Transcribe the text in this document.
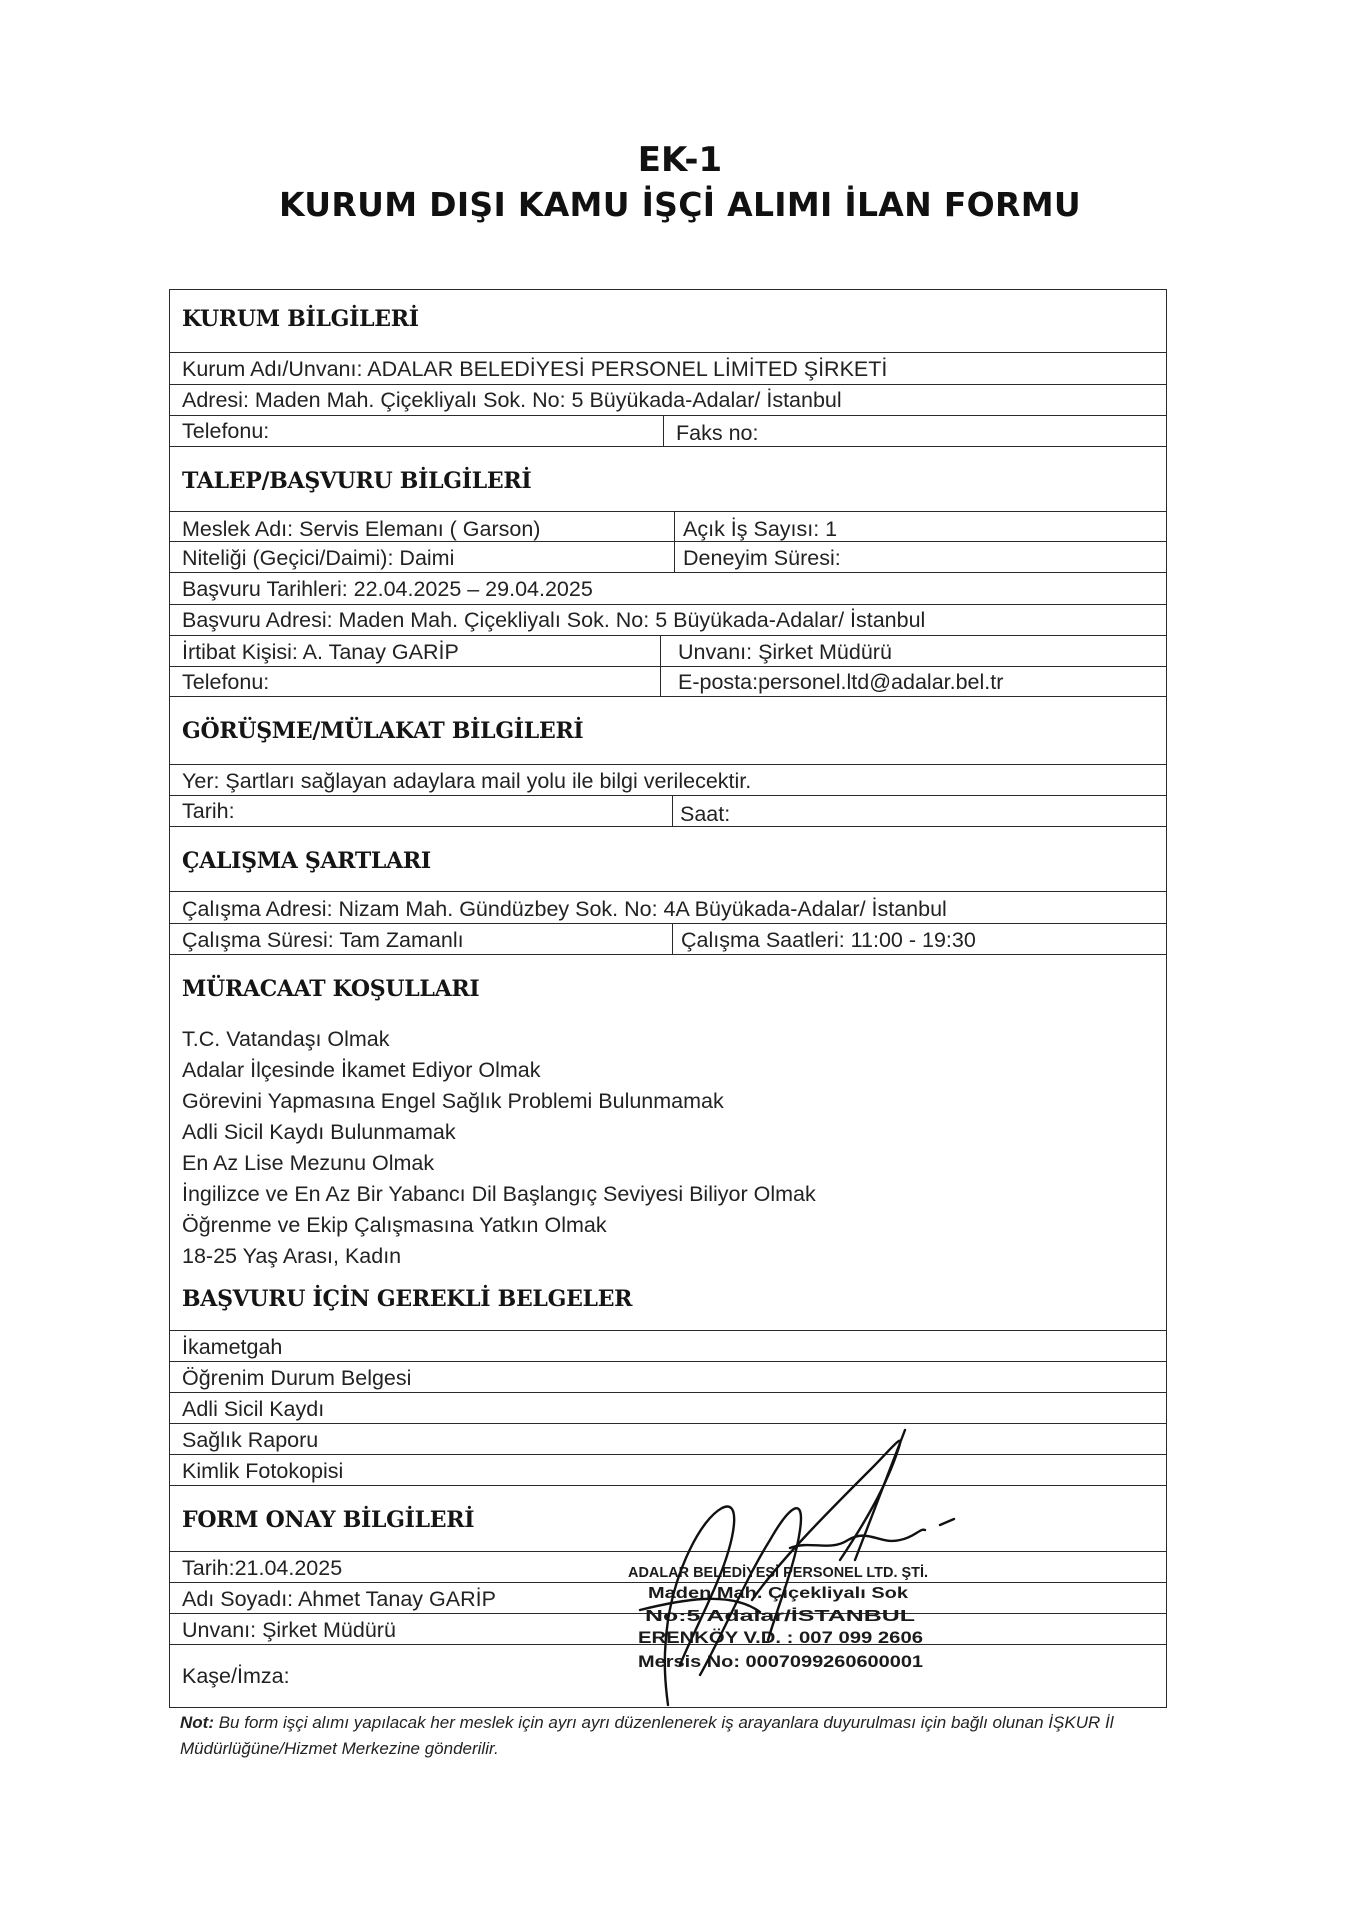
EK-1
KURUM DIŞI KAMU İŞÇİ ALIMI İLAN FORMU
KURUM BİLGİLERİ
Kurum Adı/Unvanı: ADALAR BELEDİYESİ PERSONEL LİMİTED ŞİRKETİ
Adresi: Maden Mah. Çiçekliyalı Sok. No: 5 Büyükada-Adalar/ İstanbul
Telefonu:	Faks no:
TALEP/BAŞVURU BİLGİLERİ
Meslek Adı: Servis Elemanı ( Garson)	Açık İş Sayısı: 1
Niteliği (Geçici/Daimi): Daimi	Deneyim Süresi:
Başvuru Tarihleri: 22.04.2025 – 29.04.2025
Başvuru Adresi: Maden Mah. Çiçekliyalı Sok. No: 5 Büyükada-Adalar/ İstanbul
İrtibat Kişisi: A. Tanay GARİP	Unvanı: Şirket Müdürü
Telefonu:	E-posta:personel.ltd@adalar.bel.tr
GÖRÜŞME/MÜLAKAT BİLGİLERİ
Yer: Şartları sağlayan adaylara mail yolu ile bilgi verilecektir.
Tarih:	Saat:
ÇALIŞMA ŞARTLARI
Çalışma Adresi: Nizam Mah. Gündüzbey Sok. No: 4A Büyükada-Adalar/ İstanbul
Çalışma Süresi: Tam Zamanlı	Çalışma Saatleri: 11:00 - 19:30
MÜRACAAT KOŞULLARI
T.C. Vatandaşı Olmak
Adalar İlçesinde İkamet Ediyor Olmak
Görevini Yapmasına Engel Sağlık Problemi Bulunmamak
Adli Sicil Kaydı Bulunmamak
En Az Lise Mezunu Olmak
İngilizce ve En Az Bir Yabancı Dil Başlangıç Seviyesi Biliyor Olmak
Öğrenme ve Ekip Çalışmasına Yatkın Olmak
18-25 Yaş Arası, Kadın
BAŞVURU İÇİN GEREKLİ BELGELER
İkametgah
Öğrenim Durum Belgesi
Adli Sicil Kaydı
Sağlık Raporu
Kimlik Fotokopisi
FORM ONAY BİLGİLERİ
Tarih:21.04.2025
Adı Soyadı: Ahmet Tanay GARİP
Unvanı: Şirket Müdürü
Kaşe/İmza:
ADALAR BELEDİYESİ PERSONEL LTD. ŞTİ.
Maden Mah. Çiçekliyalı Sok
No:5 Adalar/İSTANBUL
ERENKÖY V.D. : 007 099 2606
Mersis No: 0007099260600001
Not: Bu form işçi alımı yapılacak her meslek için ayrı ayrı düzenlenerek iş arayanlara duyurulması için bağlı olunan İŞKUR İl Müdürlüğüne/Hizmet Merkezine gönderilir.
